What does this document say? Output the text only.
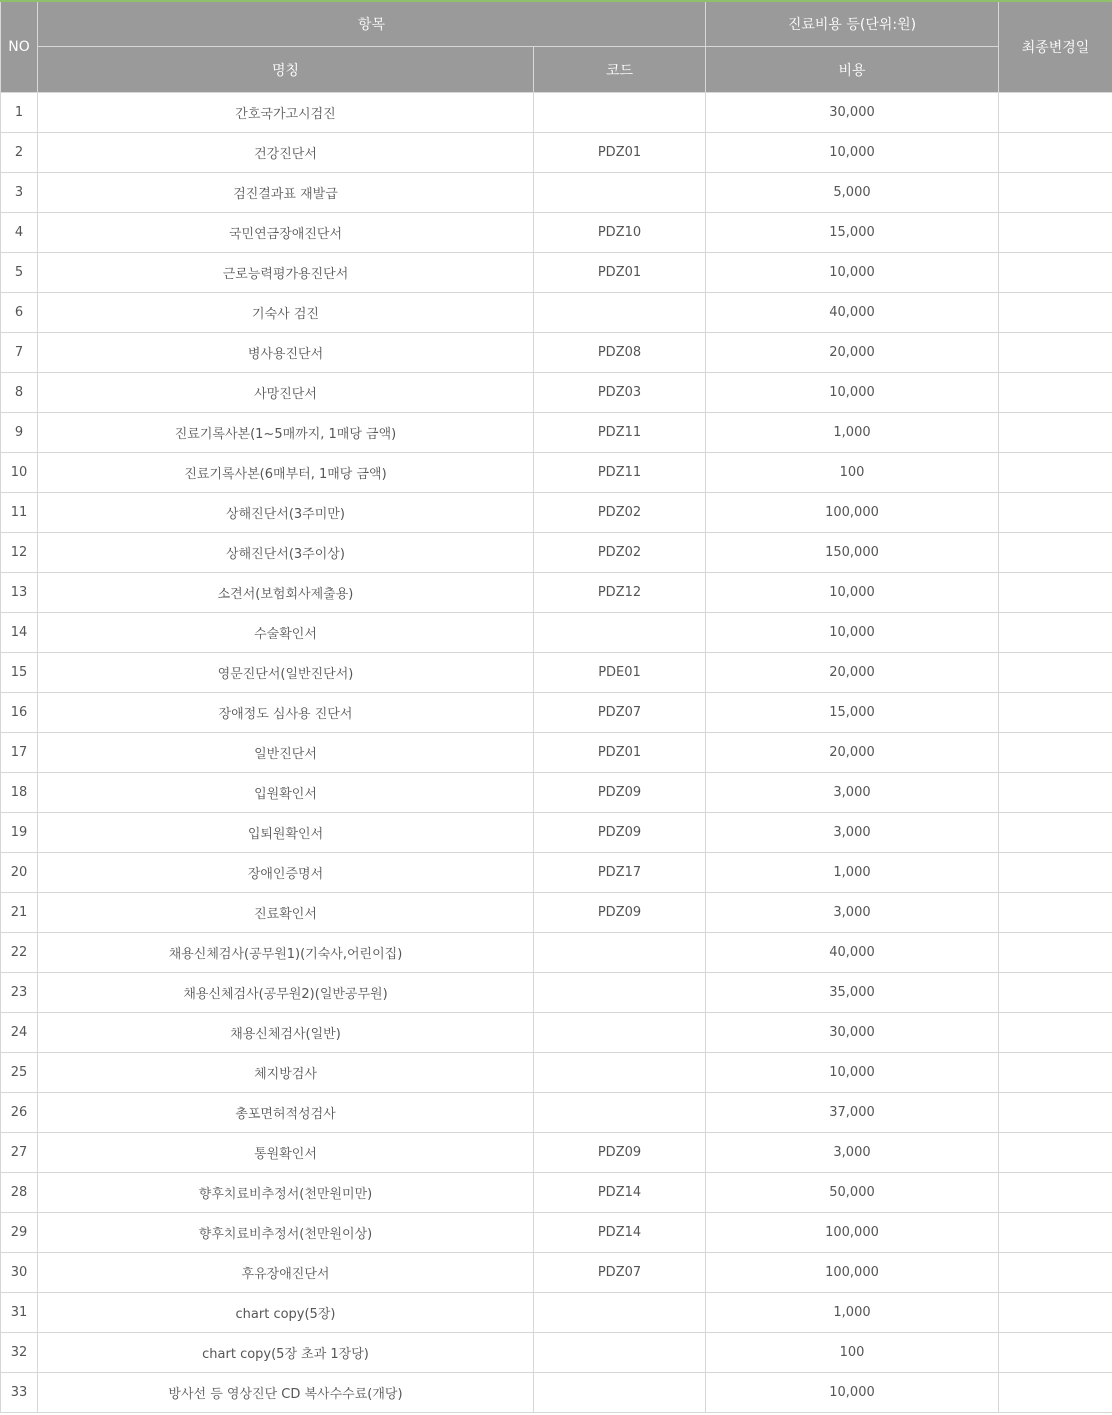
NO	항목		진료비용 등(단위:원)	최종변경일
	명칭	코드	비용	
1	간호국가고시검진		30,000	
2	건강진단서	PDZ01	10,000	
3	검진결과표 재발급		5,000	
4	국민연금장애진단서	PDZ10	15,000	
5	근로능력평가용진단서	PDZ01	10,000	
6	기숙사 검진		40,000	
7	병사용진단서	PDZ08	20,000	
8	사망진단서	PDZ03	10,000	
9	진료기록사본(1~5매까지, 1매당 금액)	PDZ11	1,000	
10	진료기록사본(6매부터, 1매당 금액)	PDZ11	100	
11	상해진단서(3주미만)	PDZ02	100,000	
12	상해진단서(3주이상)	PDZ02	150,000	
13	소견서(보험회사제출용)	PDZ12	10,000	
14	수술확인서		10,000	
15	영문진단서(일반진단서)	PDE01	20,000	
16	장애정도 심사용 진단서	PDZ07	15,000	
17	일반진단서	PDZ01	20,000	
18	입원확인서	PDZ09	3,000	
19	입퇴원확인서	PDZ09	3,000	
20	장애인증명서	PDZ17	1,000	
21	진료확인서	PDZ09	3,000	
22	채용신체검사(공무원1)(기숙사,어린이집)		40,000	
23	채용신체검사(공무원2)(일반공무원)		35,000	
24	채용신체검사(일반)		30,000	
25	체지방검사		10,000	
26	총포면허적성검사		37,000	
27	통원확인서	PDZ09	3,000	
28	향후치료비추정서(천만원미만)	PDZ14	50,000	
29	향후치료비추정서(천만원이상)	PDZ14	100,000	
30	후유장애진단서	PDZ07	100,000	
31	chart copy(5장)		1,000	
32	chart copy(5장 초과 1장당)		100	
33	방사선 등 영상진단 CD 복사수수료(개당)		10,000	
